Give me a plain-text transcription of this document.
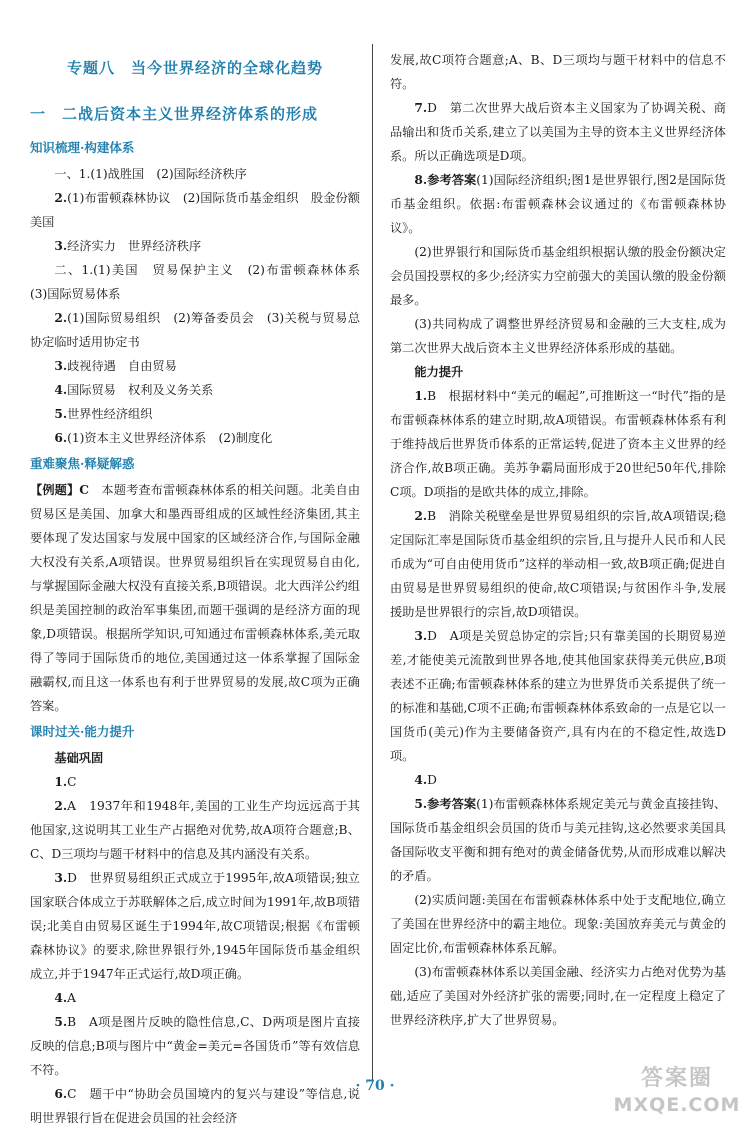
专题八　当今世界经济的全球化趋势
一　二战后资本主义世界经济体系的形成
知识梳理·构建体系

一、1.(1)战胜国　(2)国际经济秩序

2.(1)布雷顿森林协议　(2)国际货币基金组织　股金份额　美国

3.经济实力　世界经济秩序

二、1.(1)美国　贸易保护主义　(2)布雷顿森林体系　(3)国际贸易体系

2.(1)国际贸易组织　(2)筹备委员会　(3)关税与贸易总协定临时适用协定书

3.歧视待遇　自由贸易

4.国际贸易　权利及义务关系

5.世界性经济组织

6.(1)资本主义世界经济体系　(2)制度化

重难聚焦·释疑解惑

【例题】C　本题考查布雷顿森林体系的相关问题。北美自由贸易区是美国、加拿大和墨西哥组成的区域性经济集团,其主要体现了发达国家与发展中国家的区域经济合作,与国际金融大权没有关系,A项错误。世界贸易组织旨在实现贸易自由化,与掌握国际金融大权没有直接关系,B项错误。北大西洋公约组织是美国控制的政治军事集团,而题干强调的是经济方面的现象,D项错误。根据所学知识,可知通过布雷顿森林体系,美元取得了等同于国际货币的地位,美国通过这一体系掌握了国际金融霸权,而且这一体系也有利于世界贸易的发展,故C项为正确答案。

课时过关·能力提升

基础巩固

1.C

2.A　1937年和1948年,美国的工业生产均远远高于其他国家,这说明其工业生产占据绝对优势,故A项符合题意;B、C、D三项均与题干材料中的信息及其内涵没有关系。

3.D　世界贸易组织正式成立于1995年,故A项错误;独立国家联合体成立于苏联解体之后,成立时间为1991年,故B项错误;北美自由贸易区诞生于1994年,故C项错误;根据《布雷顿森林协议》的要求,除世界银行外,1945年国际货币基金组织成立,并于1947年正式运行,故D项正确。

4.A

5.B　A项是图片反映的隐性信息,C、D两项是图片直接反映的信息;B项与图片中“黄金=美元=各国货币”等有效信息不符。

6.C　题干中“协助会员国境内的复兴与建设”等信息,说明世界银行旨在促进会员国的社会经济

发展,故C项符合题意;A、B、D三项均与题干材料中的信息不符。

7.D　第二次世界大战后资本主义国家为了协调关税、商品输出和货币关系,建立了以美国为主导的资本主义世界经济体系。所以正确选项是D项。

8.参考答案(1)国际经济组织;图1是世界银行,图2是国际货币基金组织。依据:布雷顿森林会议通过的《布雷顿森林协议》。

(2)世界银行和国际货币基金组织根据认缴的股金份额决定会员国投票权的多少;经济实力空前强大的美国认缴的股金份额最多。

(3)共同构成了调整世界经济贸易和金融的三大支柱,成为第二次世界大战后资本主义世界经济体系形成的基础。

能力提升

1.B　根据材料中“美元的崛起”,可推断这一“时代”指的是布雷顿森林体系的建立时期,故A项错误。布雷顿森林体系有利于维持战后世界货币体系的正常运转,促进了资本主义世界的经济合作,故B项正确。美苏争霸局面形成于20世纪50年代,排除C项。D项指的是欧共体的成立,排除。

2.B　消除关税壁垒是世界贸易组织的宗旨,故A项错误;稳定国际汇率是国际货币基金组织的宗旨,且与提升人民币和人民币成为“可自由使用货币”这样的举动相一致,故B项正确;促进自由贸易是世界贸易组织的使命,故C项错误;与贫困作斗争,发展援助是世界银行的宗旨,故D项错误。

3.D　A项是关贸总协定的宗旨;只有靠美国的长期贸易逆差,才能使美元流散到世界各地,使其他国家获得美元供应,B项表述不正确;布雷顿森林体系的建立为世界货币关系提供了统一的标准和基础,C项不正确;布雷顿森林体系致命的一点是它以一国货币(美元)作为主要储备资产,具有内在的不稳定性,故选D项。

4.D

5.参考答案(1)布雷顿森林体系规定美元与黄金直接挂钩、国际货币基金组织会员国的货币与美元挂钩,这必然要求美国具备国际收支平衡和拥有绝对的黄金储备优势,从而形成难以解决的矛盾。

(2)实质问题:美国在布雷顿森林体系中处于支配地位,确立了美国在世界经济中的霸主地位。现象:美国放弃美元与黄金的固定比价,布雷顿森林体系瓦解。

(3)布雷顿森林体系以美国金融、经济实力占绝对优势为基础,适应了美国对外经济扩张的需要;同时,在一定程度上稳定了世界经济秩序,扩大了世界贸易。

· 70 ·	答案圈
MXQE.COM
